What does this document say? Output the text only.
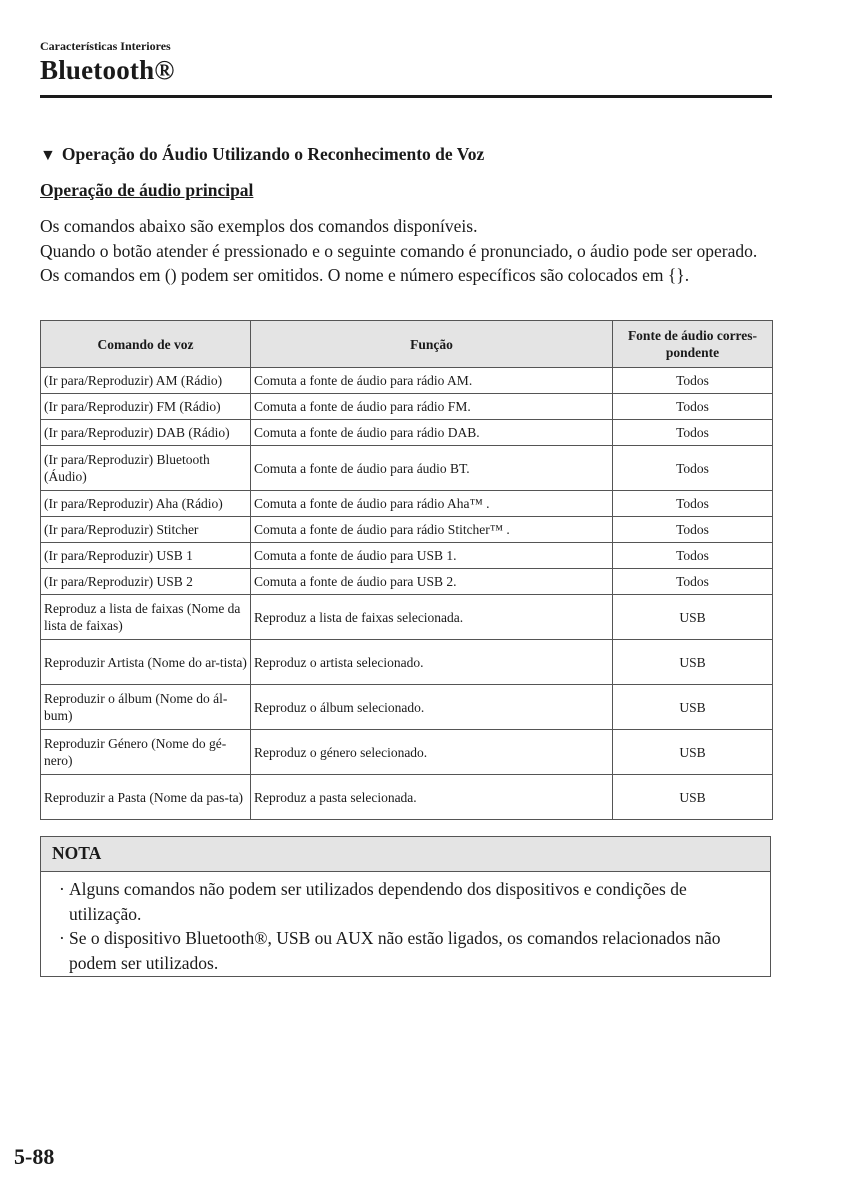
Características Interiores
Bluetooth®
▼ Operação do Áudio Utilizando o Reconhecimento de Voz
Operação de áudio principal

Os comandos abaixo são exemplos dos comandos disponíveis.

Quando o botão atender é pressionado e o seguinte comando é pronunciado, o áudio pode ser operado. Os comandos em () podem ser omitidos. O nome e número específicos são colocados em {}.

Comando de voz	Função	Fonte de áudio corres-pondente
(Ir para/Reproduzir) AM (Rádio)	Comuta a fonte de áudio para rádio AM.	Todos
(Ir para/Reproduzir) FM (Rádio)	Comuta a fonte de áudio para rádio FM.	Todos
(Ir para/Reproduzir) DAB (Rádio)	Comuta a fonte de áudio para rádio DAB.	Todos
(Ir para/Reproduzir) Bluetooth (Áudio)	Comuta a fonte de áudio para áudio BT.	Todos
(Ir para/Reproduzir) Aha (Rádio)	Comuta a fonte de áudio para rádio Aha™ .	Todos
(Ir para/Reproduzir) Stitcher	Comuta a fonte de áudio para rádio Stitcher™ .	Todos
(Ir para/Reproduzir) USB 1	Comuta a fonte de áudio para USB 1.	Todos
(Ir para/Reproduzir) USB 2	Comuta a fonte de áudio para USB 2.	Todos
Reproduz a lista de faixas (Nome da lista de faixas)	Reproduz a lista de faixas selecionada.	USB
Reproduzir Artista (Nome do ar-tista)	Reproduz o artista selecionado.	USB
Reproduzir o álbum (Nome do ál-bum)	Reproduz o álbum selecionado.	USB
Reproduzir Género (Nome do gé-nero)	Reproduz o género selecionado.	USB
Reproduzir a Pasta (Nome da pas-ta)	Reproduz a pasta selecionada.	USB
NOTA
· Alguns comandos não podem ser utilizados dependendo dos dispositivos e condições de utilização.
· Se o dispositivo Bluetooth®, USB ou AUX não estão ligados, os comandos relacionados não podem ser utilizados.
5-88
